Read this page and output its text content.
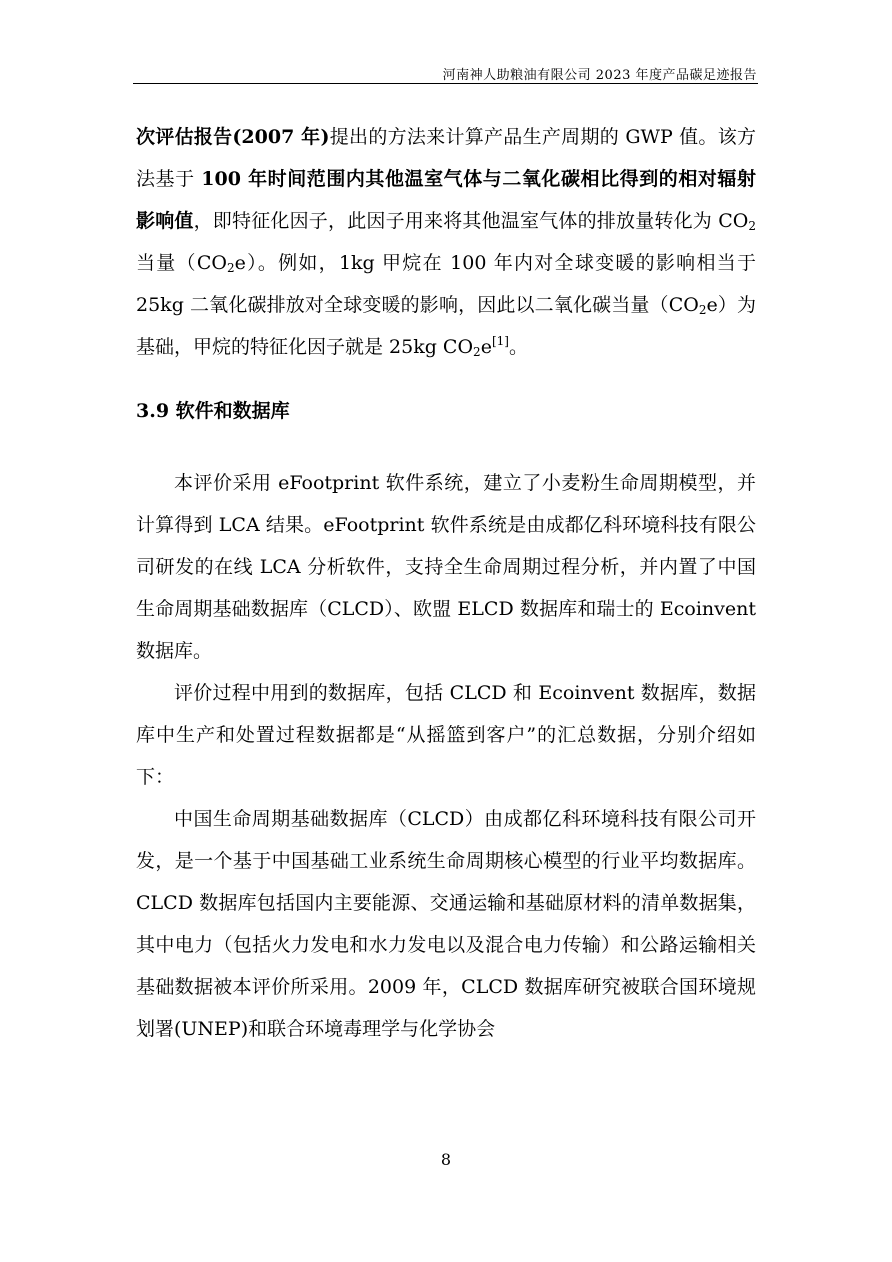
河南神人助粮油有限公司 2023 年度产品碳足迹报告

次评估报告(2007 年)提出的方法来计算产品生产周期的 GWP 值。该方法基于 100 年时间范围内其他温室气体与二氧化碳相比得到的相对辐射影响值，即特征化因子，此因子用来将其他温室气体的排放量转化为 $CO_2$ 当量$(CO_2e)$。例如，1kg 甲烷在 100 年内对全球变暖的影响相当于 25kg 二氧化碳排放对全球变暖的影响，因此以二氧化碳当量$(CO_2e)$为基础，甲烷的特征化因子就是 25kg $CO_2e[1]$。

3.9 软件和数据库

本评价采用 eFootprint 软件系统，建立了小麦粉生命周期模型，并计算得到 LCA 结果。eFootprint 软件系统是由成都亿科环境科技有限公司研发的在线 LCA 分析软件，支持全生命周期过程分析，并内置了中国生命周期基础数据库（CLCD）、欧盟 ELCD 数据库和瑞士的 Ecoinvent 数据库。

评价过程中用到的数据库，包括 CLCD 和 Ecoinvent 数据库，数据库中生产和处置过程数据都是“从摇篮到客户”的汇总数据，分别介绍如下：

中国生命周期基础数据库（CLCD）由成都亿科环境科技有限公司开发，是一个基于中国基础工业系统生命周期核心模型的行业平均数据库。CLCD 数据库包括国内主要能源、交通运输和基础原材料的清单数据集，其中电力（包括火力发电和水力发电以及混合电力传输）和公路运输相关基础数据被本评价所采用。2009 年，CLCD 数据库研究被联合国环境规划署(UNEP)和联合环境毒理学与化学协会

8
